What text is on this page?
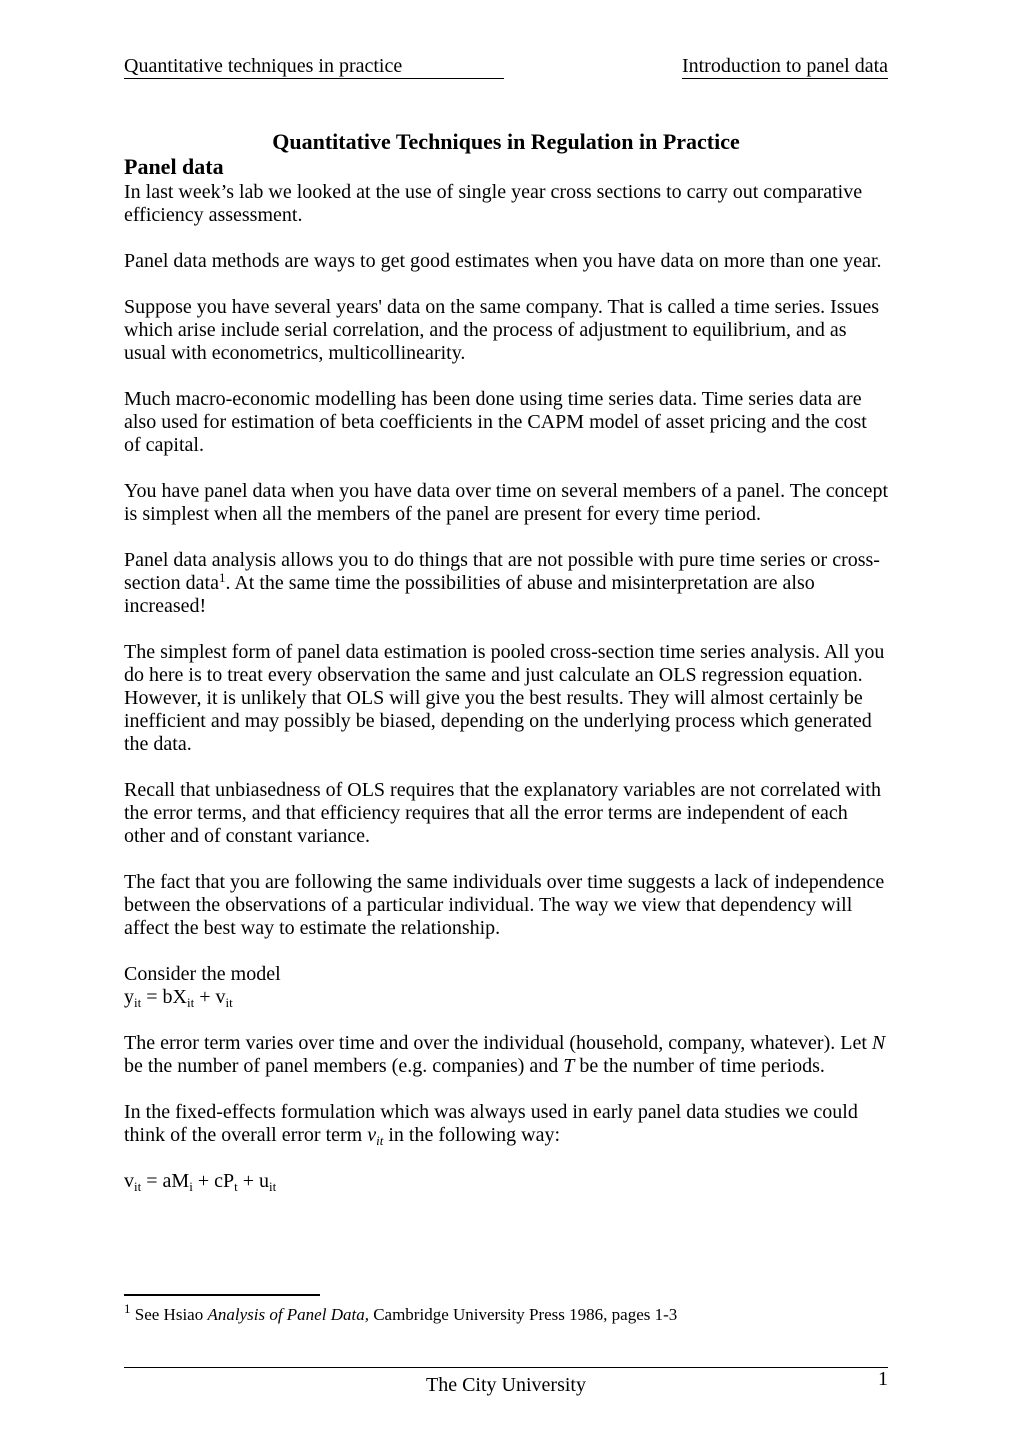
Quantitative techniques in practice	Introduction to panel data
Quantitative Techniques in Regulation in Practice
Panel data

In last week’s lab we looked at the use of single year cross sections to carry out comparative efficiency assessment.

Panel data methods are ways to get good estimates when you have data on more than one year.

Suppose you have several years' data on the same company. That is called a time series. Issues which arise include serial correlation, and the process of adjustment to equilibrium, and as usual with econometrics, multicollinearity.

Much macro-economic modelling has been done using time series data. Time series data are also used for estimation of beta coefficients in the CAPM model of asset pricing and the cost of capital.

You have panel data when you have data over time on several members of a panel. The concept is simplest when all the members of the panel are present for every time period.

Panel data analysis allows you to do things that are not possible with pure time series or cross-section data$^1$. At the same time the possibilities of abuse and misinterpretation are also increased!

The simplest form of panel data estimation is pooled cross-section time series analysis. All you do here is to treat every observation the same and just calculate an OLS regression equation. However, it is unlikely that OLS will give you the best results. They will almost certainly be inefficient and may possibly be biased, depending on the underlying process which generated the data.

Recall that unbiasedness of OLS requires that the explanatory variables are not correlated with the error terms, and that efficiency requires that all the error terms are independent of each other and of constant variance.

The fact that you are following the same individuals over time suggests a lack of independence between the observations of a particular individual. The way we view that dependency will affect the best way to estimate the relationship.

Consider the model

$y_{it} = bX_{it} + v_{it}$

The error term varies over time and over the individual (household, company, whatever). Let N be the number of panel members (e.g. companies) and T be the number of time periods.

In the fixed-effects formulation which was always used in early panel data studies we could think of the overall error term $v_{it}$ in the following way:

$v_{it} = aM_i + cP_t + u_{it}$

$^1$ See Hsiao Analysis of Panel Data, Cambridge University Press 1986, pages 1-3
The City University	1
